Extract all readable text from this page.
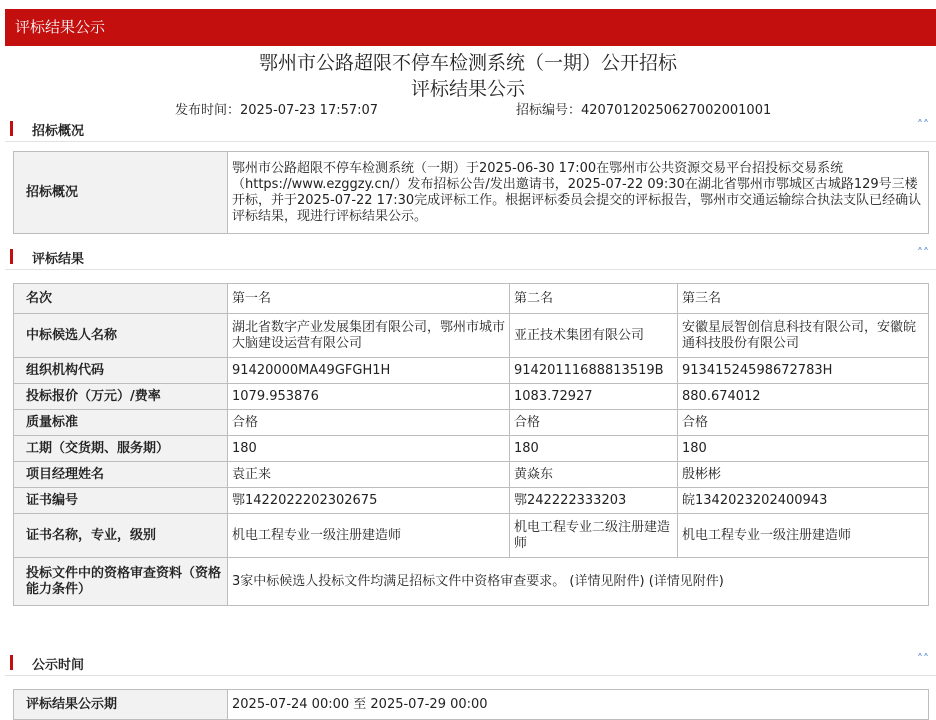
评标结果公示
鄂州市公路超限不停车检测系统（一期）公开招标
评标结果公示
发布时间：2025-07-23 17:57:07	招标编号：42070120250627002001001
招标概况	˄˄
招标概况	鄂州市公路超限不停车检测系统（一期）于2025-06-30 17:00在鄂州市公共资源交易平台招投标交易系统（https://www.ezggzy.cn/）发布招标公告/发出邀请书，2025-07-22 09:30在湖北省鄂州市鄂城区古城路129号三楼开标，并于2025-07-22 17:30完成评标工作。根据评标委员会提交的评标报告，鄂州市交通运输综合执法支队已经确认评标结果，现进行评标结果公示。
评标结果	˄˄
名次	第一名	第二名	第三名
中标候选人名称	湖北省数字产业发展集团有限公司，鄂州市城市大脑建设运营有限公司	亚正技术集团有限公司	安徽星辰智创信息科技有限公司，安徽皖通科技股份有限公司
组织机构代码	91420000MA49GFGH1H	91420111688813519B	91341524598672783H
投标报价（万元）/费率	1079.953876	1083.72927	880.674012
质量标准	合格	合格	合格
工期（交货期、服务期）	180	180	180
项目经理姓名	袁正来	黄焱东	殷彬彬
证书编号	鄂1422022202302675	鄂242222333203	皖1342023202400943
证书名称，专业，级别	机电工程专业一级注册建造师	机电工程专业二级注册建造师	机电工程专业一级注册建造师
投标文件中的资格审查资料（资格能力条件）	3家中标候选人投标文件均满足招标文件中资格审查要求。 (详情见附件) (详情见附件)		
公示时间	˄˄
评标结果公示期	2025-07-24 00:00 至 2025-07-29 00:00
